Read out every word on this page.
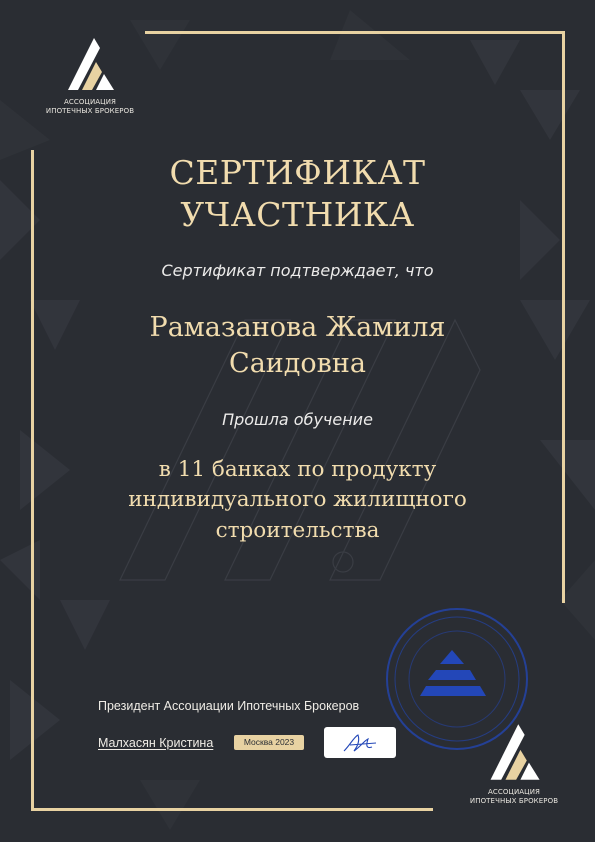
АССОЦИАЦИЯ
ИПОТЕЧНЫХ БРОКЕРОВ
СЕРТИФИКАТ
УЧАСТНИКА
Сертификат подтверждает, что
Рамазанова Жамиля
Саидовна
Прошла обучение
в 11 банках по продукту
индивидуального жилищного
строительства
Президент Ассоциации Ипотечных Брокеров
Малхасян Кристина	Москва 2023
АССОЦИАЦИЯ
ИПОТЕЧНЫХ БРОКЕРОВ
